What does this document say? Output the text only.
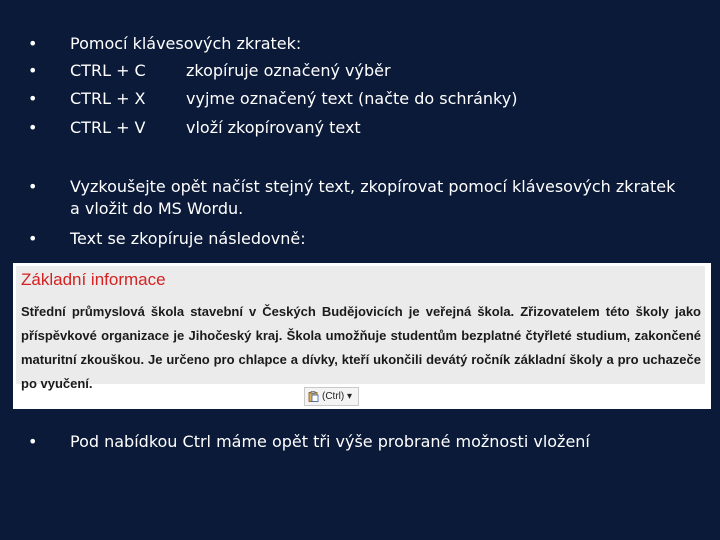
•	Pomocí klávesových zkratek:
•	CTRL + C	zkopíruje označený výběr
•	CTRL + X	vyjme označený text (načte do schránky)
•	CTRL + V	vloží zkopírovaný text
•	Vyzkoušejte opět načíst stejný text, zkopírovat pomocí klávesových zkratek a vložit do MS Wordu.
•	Text se zkopíruje následovně:
Základní informace
Střední průmyslová škola stavební v Českých Budějovicích je veřejná škola. Zřizovatelem této školy jako příspěvkové organizace je Jihočeský kraj. Škola umožňuje studentům bezplatné čtyřleté studium, zakončené maturitní zkouškou. Je určeno pro chlapce a dívky, kteří ukončili devátý ročník základní školy a pro uchazeče po vyučení.
(Ctrl) ▾
•	Pod nabídkou Ctrl máme opět tři výše probrané možnosti vložení
